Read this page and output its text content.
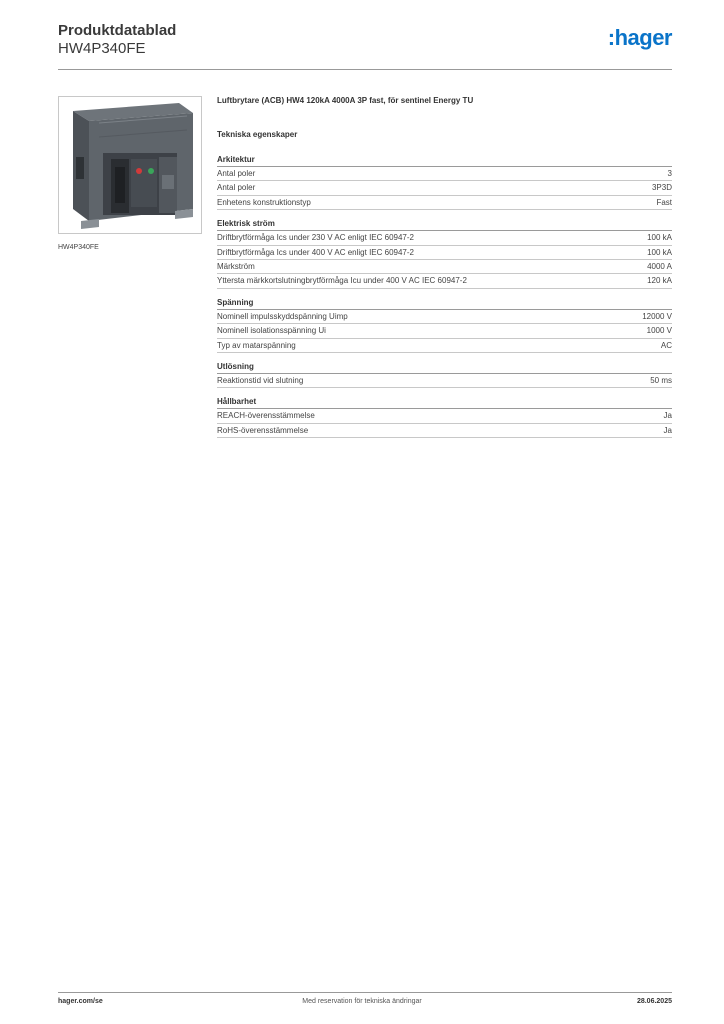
Produktdatablad
HW4P340FE	:hager
HW4P340FE
Luftbrytare (ACB) HW4 120kA 4000A 3P fast, för sentinel Energy TU
Tekniska egenskaper
Arkitektur
Antal poler	3
Antal poler	3P3D
Enhetens konstruktionstyp	Fast
Elektrisk ström
Driftbrytförmåga Ics under 230 V AC enligt IEC 60947-2	100 kA
Driftbrytförmåga Ics under 400 V AC enligt IEC 60947-2	100 kA
Märkström	4000 A
Yttersta märkkortslutningbrytförmåga Icu under 400 V AC IEC 60947-2	120 kA
Spänning
Nominell impulsskyddspänning Uimp	12000 V
Nominell isolationsspänning Ui	1000 V
Typ av matarspänning	AC
Utlösning
Reaktionstid vid slutning	50 ms
Hållbarhet
REACH-överensstämmelse	Ja
RoHS-överensstämmelse	Ja
hager.com/se	Med reservation för tekniska ändringar	28.06.2025
